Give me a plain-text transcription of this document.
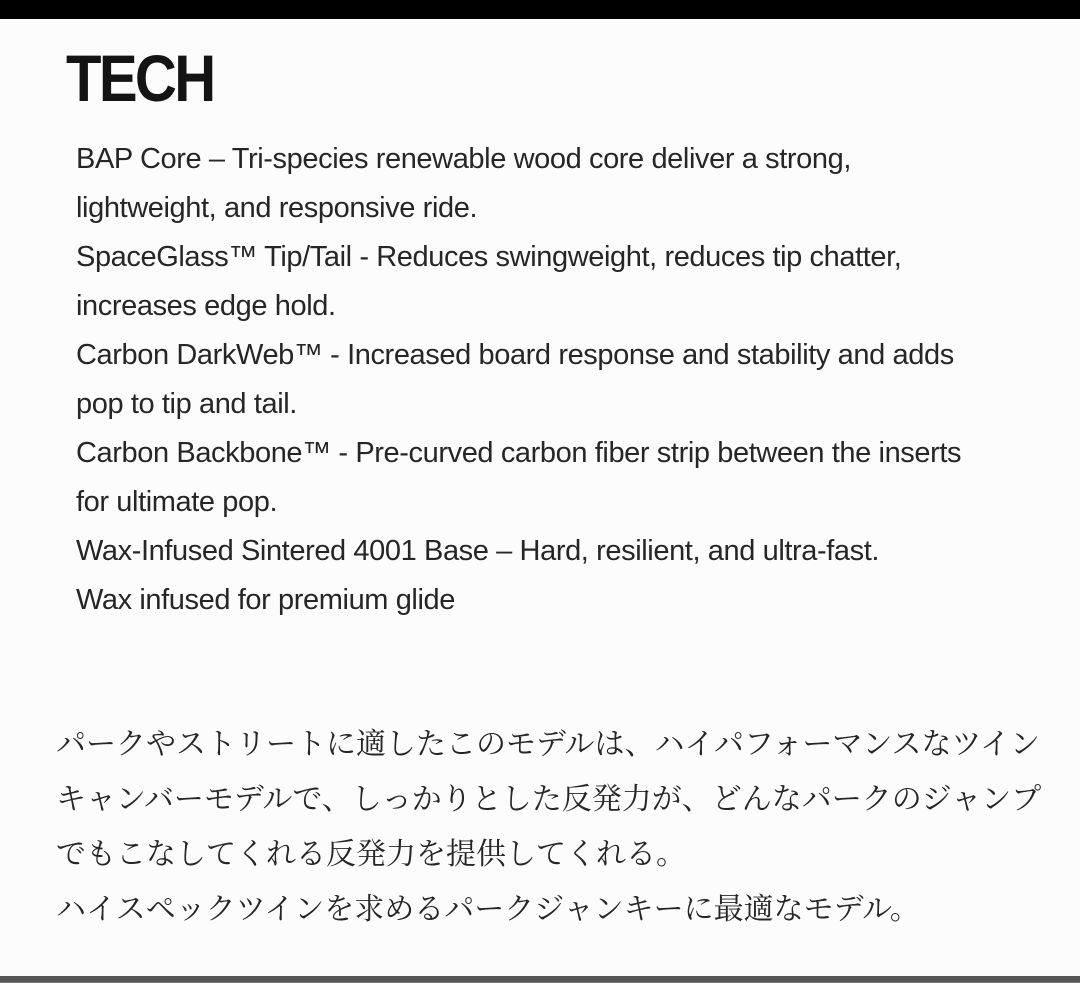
TECH
BAP Core – Tri-species renewable wood core deliver a strong,
lightweight, and responsive ride.
SpaceGlass™ Tip/Tail - Reduces swingweight, reduces tip chatter,
increases edge hold.
Carbon DarkWeb™ - Increased board response and stability and adds
pop to tip and tail.
Carbon Backbone™ - Pre-curved carbon fiber strip between the inserts
for ultimate pop.
Wax-Infused Sintered 4001 Base – Hard, resilient, and ultra-fast.
Wax infused for premium glide
パークやストリートに適したこのモデルは、ハイパフォーマンスなツイン
キャンバーモデルで、しっかりとした反発力が、どんなパークのジャンプ
でもこなしてくれる反発力を提供してくれる。
ハイスペックツインを求めるパークジャンキーに最適なモデル。
